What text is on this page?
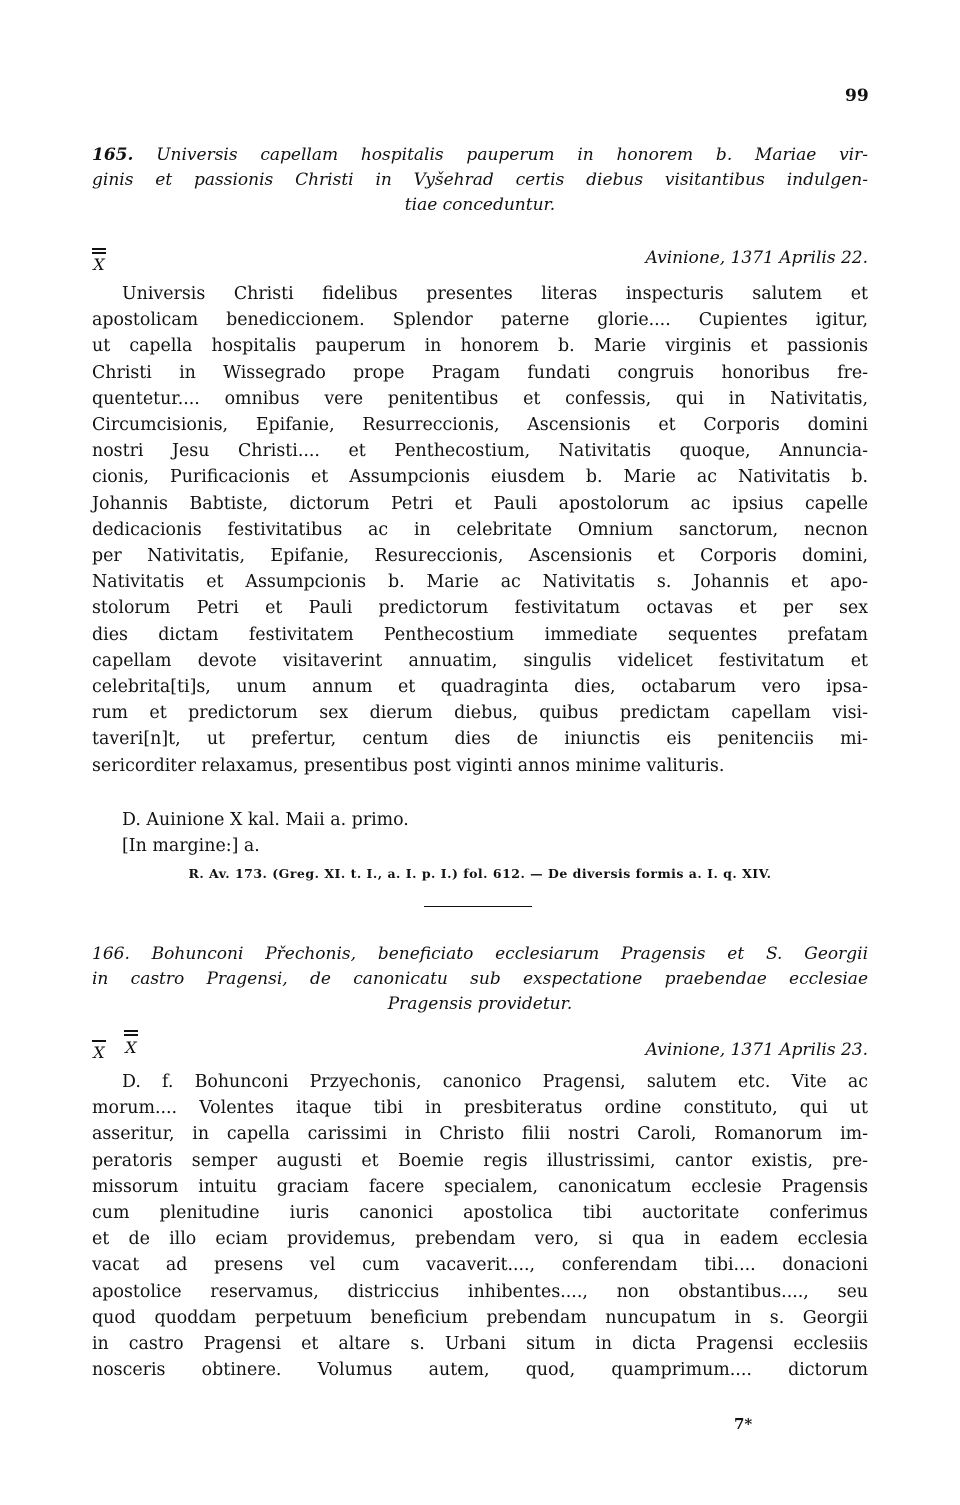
99
165. Universis capellam hospitalis pauperum in honorem b. Mariae vir-
ginis et passionis Christi in Vyšehrad certis diebus visitantibus indulgen-
tiae conceduntur.
X	Avinione, 1371 Aprilis 22.
Universis Christi fidelibus presentes literas inspecturis salutem et
apostolicam benediccionem. Splendor paterne glorie.... Cupientes igitur,
ut capella hospitalis pauperum in honorem b. Marie virginis et passionis
Christi in Wissegrado prope Pragam fundati congruis honoribus fre-
quentetur.... omnibus vere penitentibus et confessis, qui in Nativitatis,
Circumcisionis, Epifanie, Resurreccionis, Ascensionis et Corporis domini
nostri Jesu Christi.... et Penthecostium, Nativitatis quoque, Annuncia-
cionis, Purificacionis et Assumpcionis eiusdem b. Marie ac Nativitatis b.
Johannis Babtiste, dictorum Petri et Pauli apostolorum ac ipsius capelle
dedicacionis festivitatibus ac in celebritate Omnium sanctorum, necnon
per Nativitatis, Epifanie, Resureccionis, Ascensionis et Corporis domini,
Nativitatis et Assumpcionis b. Marie ac Nativitatis s. Johannis et apo-
stolorum Petri et Pauli predictorum festivitatum octavas et per sex
dies dictam festivitatem Penthecostium immediate sequentes prefatam
capellam devote visitaverint annuatim, singulis videlicet festivitatum et
celebrita[ti]s, unum annum et quadraginta dies, octabarum vero ipsa-
rum et predictorum sex dierum diebus, quibus predictam capellam visi-
taveri[n]t, ut prefertur, centum dies de iniunctis eis penitenciis mi-
sericorditer relaxamus, presentibus post viginti annos minime valituris.
D. Auinione X kal. Maii a. primo.
[In margine:] a.
R. Av. 173. (Greg. XI. t. I., a. I. p. I.) fol. 612. — De diversis formis a. I. q. XIV.
166. Bohunconi Přechonis, beneficiato ecclesiarum Pragensis et S. Georgii
in castro Pragensi, de canonicatu sub exspectatione praebendae ecclesiae
Pragensis providetur.
X X	Avinione, 1371 Aprilis 23.
D. f. Bohunconi Przyechonis, canonico Pragensi, salutem etc. Vite ac
morum.... Volentes itaque tibi in presbiteratus ordine constituto, qui ut
asseritur, in capella carissimi in Christo filii nostri Caroli, Romanorum im-
peratoris semper augusti et Boemie regis illustrissimi, cantor existis, pre-
missorum intuitu graciam facere specialem, canonicatum ecclesie Pragensis
cum plenitudine iuris canonici apostolica tibi auctoritate conferimus
et de illo eciam providemus, prebendam vero, si qua in eadem ecclesia
vacat ad presens vel cum vacaverit...., conferendam tibi.... donacioni
apostolice reservamus, districcius inhibentes...., non obstantibus...., seu
quod quoddam perpetuum beneficium prebendam nuncupatum in s. Georgii
in castro Pragensi et altare s. Urbani situm in dicta Pragensi ecclesiis
nosceris obtinere. Volumus autem, quod, quamprimum.... dictorum
7*
